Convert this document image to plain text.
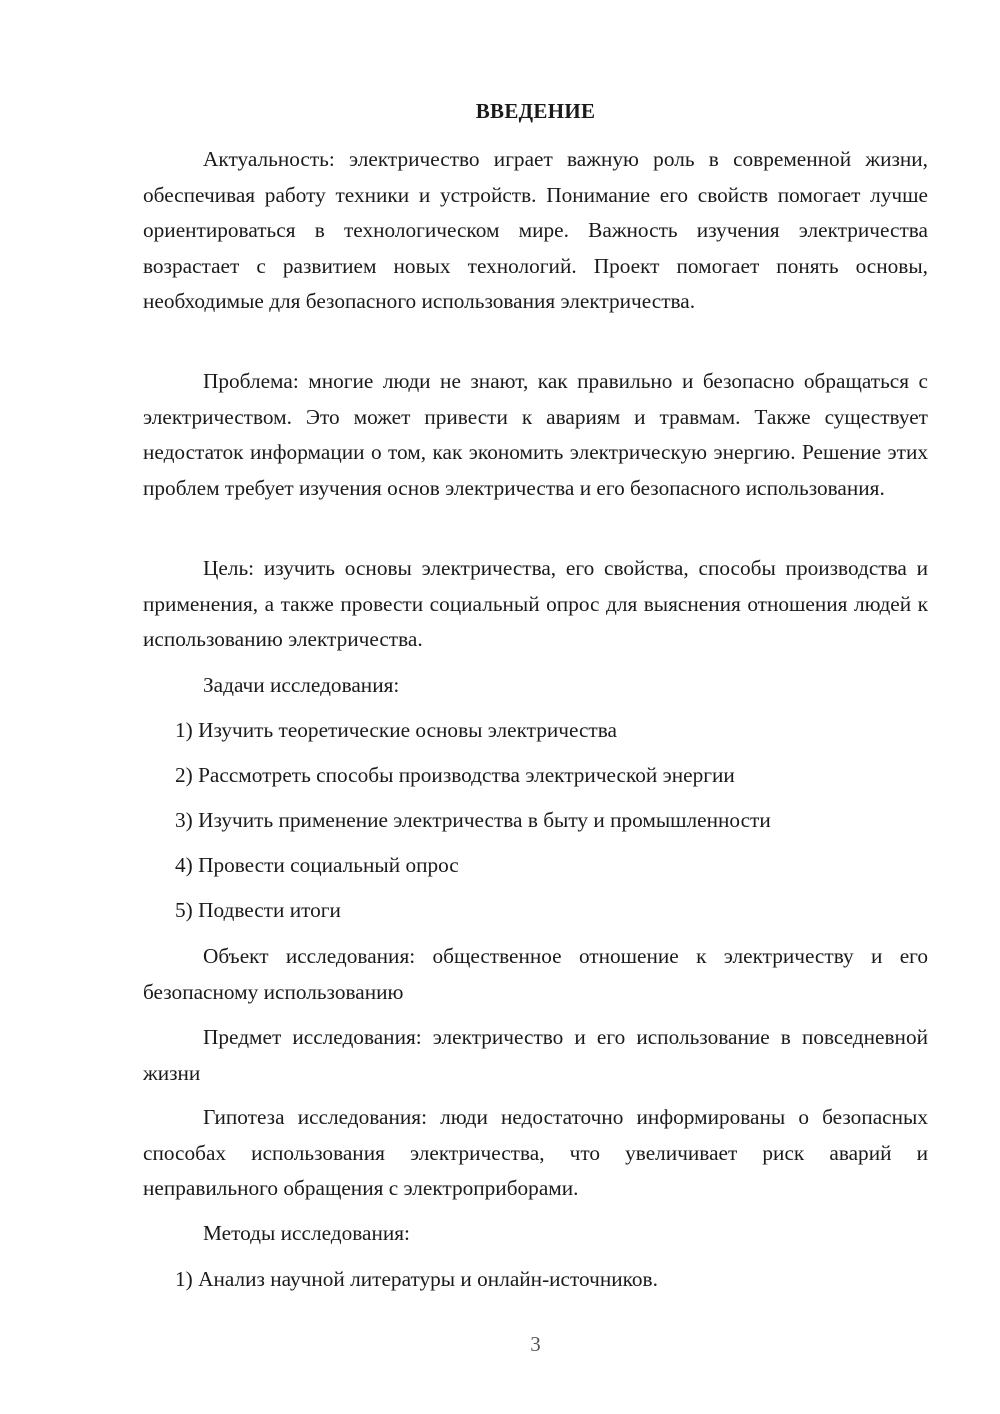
ВВЕДЕНИЕ

Актуальность: электричество играет важную роль в современной жизни, обеспечивая работу техники и устройств. Понимание его свойств помогает лучше ориентироваться в технологическом мире. Важность изучения электричества возрастает с развитием новых технологий. Проект помогает понять основы, необходимые для безопасного использования электричества.

Проблема: многие люди не знают, как правильно и безопасно обращаться с электричеством. Это может привести к авариям и травмам. Также существует недостаток информации о том, как экономить электрическую энергию. Решение этих проблем требует изучения основ электричества и его безопасного использования.

Цель: изучить основы электричества, его свойства, способы производства и применения, а также провести социальный опрос для выяснения отношения людей к использованию электричества.

Задачи исследования:

1) Изучить теоретические основы электричества

2) Рассмотреть способы производства электрической энергии

3) Изучить применение электричества в быту и промышленности

4) Провести социальный опрос

5) Подвести итоги

Объект исследования: общественное отношение к электричеству и его безопасному использованию

Предмет исследования: электричество и его использование в повседневной жизни

Гипотеза исследования: люди недостаточно информированы о безопасных способах использования электричества, что увеличивает риск аварий и неправильного обращения с электроприборами.

Методы исследования:

1) Анализ научной литературы и онлайн-источников.

3
